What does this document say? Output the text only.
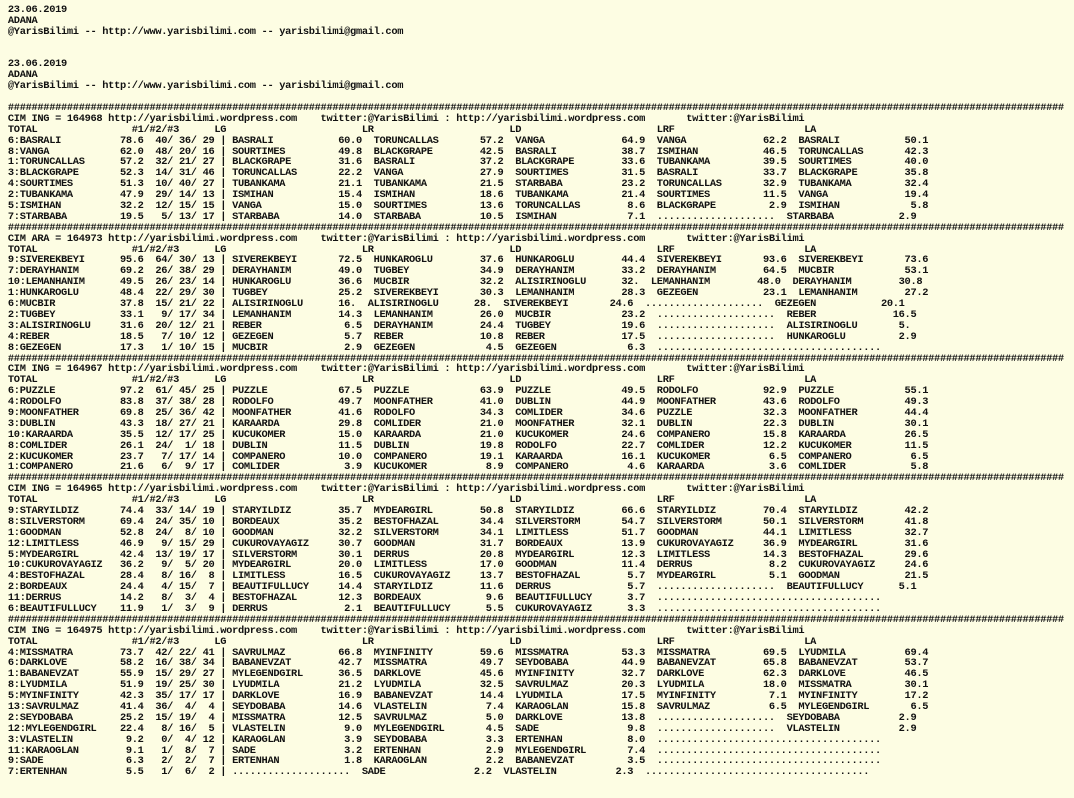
23.06.2019
ADANA
@YarisBilimi -- http://www.yarisbilimi.com -- yarisbilimi@gmail.com
23.06.2019
ADANA
@YarisBilimi -- http://www.yarisbilimi.com -- yarisbilimi@gmail.com
###################################################################################################################################################################################
CIM ING = 164968 http://yarisbilimi.wordpress.com    twitter:@YarisBilimi : http://yarisbilimi.wordpress.com       twitter:@YarisBilimi
TOTAL                #1/#2/#3      LG                       LR                       LD                       LRF                      LA
6:BASRALI          78.6  40/ 36/ 29 | BASRALI           60.0  TORUNCALLAS       57.2  VANGA             64.9  VANGA             62.2  BASRALI           50.1
8:VANGA            62.0  48/ 20/ 16 | SOURTIMES         49.8  BLACKGRAPE        42.5  BASRALI           38.7  ISMIHAN           46.5  TORUNCALLAS       42.3
1:TORUNCALLAS      57.2  32/ 21/ 27 | BLACKGRAPE        31.6  BASRALI           37.2  BLACKGRAPE        33.6  TUBANKAMA         39.5  SOURTIMES         40.0
3:BLACKGRAPE       52.3  14/ 31/ 46 | TORUNCALLAS       22.2  VANGA             27.9  SOURTIMES         31.5  BASRALI           33.7  BLACKGRAPE        35.8
4:SOURTIMES        51.3  10/ 40/ 27 | TUBANKAMA         21.1  TUBANKAMA         21.5  STARBABA          23.2  TORUNCALLAS       32.9  TUBANKAMA         32.4
2:TUBANKAMA        47.9  29/ 14/ 13 | ISMIHAN           15.4  ISMIHAN           18.6  TUBANKAMA         21.4  SOURTIMES         11.5  VANGA             19.4
5:ISMIHAN          32.2  12/ 15/ 15 | VANGA             15.0  SOURTIMES         13.6  TORUNCALLAS        8.6  BLACKGRAPE         2.9  ISMIHAN            5.8
7:STARBABA         19.5   5/ 13/ 17 | STARBABA          14.0  STARBABA          10.5  ISMIHAN            7.1  ....................  STARBABA           2.9
###################################################################################################################################################################################
CIM ARA = 164973 http://yarisbilimi.wordpress.com    twitter:@YarisBilimi : http://yarisbilimi.wordpress.com       twitter:@YarisBilimi
TOTAL                #1/#2/#3      LG                       LR                       LD                       LRF                      LA
9:SIVEREKBEYI      95.6  64/ 30/ 13 | SIVEREKBEYI       72.5  HUNKAROGLU        37.6  HUNKAROGLU        44.4  SIVEREKBEYI       93.6  SIVEREKBEYI       73.6
7:DERAYHANIM       69.2  26/ 38/ 29 | DERAYHANIM        49.0  TUGBEY            34.9  DERAYHANIM        33.2  DERAYHANIM        64.5  MUCBIR            53.1
10:LEMANHANIM      49.5  26/ 23/ 14 | HUNKAROGLU        36.6  MUCBIR            32.2  ALISIRINOGLU      32.  LEMANHANIM        48.0  DERAYHANIM        30.8
1:HUNKAROGLU       48.4  22/ 29/ 30 | TUGBEY            25.2  SIVEREKBEYI       30.3  LEMANHANIM        28.3  GEZEGEN           23.1  LEMANHANIM        27.2
6:MUCBIR           37.8  15/ 21/ 22 | ALISIRINOGLU      16.  ALISIRINOGLU      28.  SIVEREKBEYI       24.6  ....................  GEZEGEN           20.1
2:TUGBEY           33.1   9/ 17/ 34 | LEMANHANIM        14.3  LEMANHANIM        26.0  MUCBIR            23.2  ....................  REBER             16.5
3:ALISIRINOGLU     31.6  20/ 12/ 21 | REBER              6.5  DERAYHANIM        24.4  TUGBEY            19.6  ....................  ALISIRINOGLU       5.
4:REBER            18.5   7/ 10/ 12 | GEZEGEN            5.7  REBER             10.8  REBER             17.5  ....................  HUNKAROGLU         2.9
8:GEZEGEN          17.3   1/ 10/ 15 | MUCBIR             2.9  GEZEGEN            4.5  GEZEGEN            6.3  ......................................
###################################################################################################################################################################################
CIM ING = 164967 http://yarisbilimi.wordpress.com    twitter:@YarisBilimi : http://yarisbilimi.wordpress.com       twitter:@YarisBilimi
TOTAL                #1/#2/#3      LG                       LR                       LD                       LRF                      LA
6:PUZZLE           97.2  61/ 45/ 25 | PUZZLE            67.5  PUZZLE            63.9  PUZZLE            49.5  RODOLFO           92.9  PUZZLE            55.1
4:RODOLFO          83.8  37/ 38/ 28 | RODOLFO           49.7  MOONFATHER        41.0  DUBLIN            44.9  MOONFATHER        43.6  RODOLFO           49.3
9:MOONFATHER       69.8  25/ 36/ 42 | MOONFATHER        41.6  RODOLFO           34.3  COMLIDER          34.6  PUZZLE            32.3  MOONFATHER        44.4
3:DUBLIN           43.3  18/ 27/ 21 | KARAARDA          29.8  COMLIDER          21.0  MOONFATHER        32.1  DUBLIN            22.3  DUBLIN            30.1
10:KARAARDA        35.5  12/ 17/ 25 | KUCUKOMER         15.0  KARAARDA          21.0  KUCUKOMER         24.6  COMPANERO         15.8  KARAARDA          26.5
8:COMLIDER         26.1  24/  1/ 18 | DUBLIN            11.5  DUBLIN            19.8  RODOLFO           22.7  COMLIDER          12.2  KUCUKOMER         11.5
2:KUCUKOMER        23.7   7/ 17/ 14 | COMPANERO         10.0  COMPANERO         19.1  KARAARDA          16.1  KUCUKOMER          6.5  COMPANERO          6.5
1:COMPANERO        21.6   6/  9/ 17 | COMLIDER           3.9  KUCUKOMER          8.9  COMPANERO          4.6  KARAARDA           3.6  COMLIDER           5.8
###################################################################################################################################################################################
CIM ING = 164965 http://yarisbilimi.wordpress.com    twitter:@YarisBilimi : http://yarisbilimi.wordpress.com       twitter:@YarisBilimi
TOTAL                #1/#2/#3      LG                       LR                       LD                       LRF                      LA
9:STARYILDIZ       74.4  33/ 14/ 19 | STARYILDIZ        35.7  MYDEARGIRL        50.8  STARYILDIZ        66.6  STARYILDIZ        70.4  STARYILDIZ        42.2
8:SILVERSTORM      69.4  24/ 35/ 10 | BORDEAUX          35.2  BESTOFHAZAL       34.4  SILVERSTORM       54.7  SILVERSTORM       50.1  SILVERSTORM       41.8
1:GOODMAN          52.8  24/  8/ 10 | GOODMAN           32.2  SILVERSTORM       34.1  LIMITLESS         51.7  GOODMAN           44.1  LIMITLESS         32.7
12:LIMITLESS       46.9   9/ 15/ 29 | CUKUROVAYAGIZ     30.7  GOODMAN           31.7  BORDEAUX          13.9  CUKUROVAYAGIZ     36.9  MYDEARGIRL        31.6
5:MYDEARGIRL       42.4  13/ 19/ 17 | SILVERSTORM       30.1  DERRUS            20.8  MYDEARGIRL        12.3  LIMITLESS         14.3  BESTOFHAZAL       29.6
10:CUKUROVAYAGIZ   36.2   9/  5/ 20 | MYDEARGIRL        20.0  LIMITLESS         17.0  GOODMAN           11.4  DERRUS             8.2  CUKUROVAYAGIZ     24.6
4:BESTOFHAZAL      28.4   8/ 16/  8 | LIMITLESS         16.5  CUKUROVAYAGIZ     13.7  BESTOFHAZAL        5.7  MYDEARGIRL         5.1  GOODMAN           21.5
2:BORDEAUX         24.4   4/ 15/  7 | BEAUTIFULLUCY     14.4  STARYILDIZ        11.6  DERRUS             5.7  ....................  BEAUTIFULLUCY      5.1
11:DERRUS          14.2   8/  3/  4 | BESTOFHAZAL       12.3  BORDEAUX           9.6  BEAUTIFULLUCY      3.7  ......................................
6:BEAUTIFULLUCY    11.9   1/  3/  9 | DERRUS             2.1  BEAUTIFULLUCY      5.5  CUKUROVAYAGIZ      3.3  ......................................
###################################################################################################################################################################################
CIM ING = 164975 http://yarisbilimi.wordpress.com    twitter:@YarisBilimi : http://yarisbilimi.wordpress.com       twitter:@YarisBilimi
TOTAL                #1/#2/#3      LG                       LR                       LD                       LRF                      LA
4:MISSMATRA        73.7  42/ 22/ 41 | SAVRULMAZ         66.8  MYINFINITY        59.6  MISSMATRA         53.3  MISSMATRA         69.5  LYUDMILA          69.4
6:DARKLOVE         58.2  16/ 38/ 34 | BABANEVZAT        42.7  MISSMATRA         49.7  SEYDOBABA         44.9  BABANEVZAT        65.8  BABANEVZAT        53.7
1:BABANEVZAT       55.9  15/ 29/ 27 | MYLEGENDGIRL      36.5  DARKLOVE          45.6  MYINFINITY        32.7  DARKLOVE          62.3  DARKLOVE          46.5
8:LYUDMILA         51.9  19/ 25/ 30 | LYUDMILA          21.2  LYUDMILA          32.5  SAVRULMAZ         20.3  LYUDMILA          18.0  MISSMATRA         30.1
5:MYINFINITY       42.3  35/ 17/ 17 | DARKLOVE          16.9  BABANEVZAT        14.4  LYUDMILA          17.5  MYINFINITY         7.1  MYINFINITY        17.2
13:SAVRULMAZ       41.4  36/  4/  4 | SEYDOBABA         14.6  VLASTELIN          7.4  KARAOGLAN         15.8  SAVRULMAZ          6.5  MYLEGENDGIRL       6.5
2:SEYDOBABA        25.2  15/ 19/  4 | MISSMATRA         12.5  SAVRULMAZ          5.0  DARKLOVE          13.8  ....................  SEYDOBABA          2.9
12:MYLEGENDGIRL    22.4   8/ 16/  5 | VLASTELIN          9.0  MYLEGENDGIRL       4.5  SADE               9.8  ....................  VLASTELIN          2.9
3:VLASTELIN         9.2   0/  4/ 12 | KARAOGLAN          3.9  SEYDOBABA          3.3  ERTENHAN           8.0  ......................................
11:KARAOGLAN        9.1   1/  8/  7 | SADE               3.2  ERTENHAN           2.9  MYLEGENDGIRL       7.4  ......................................
9:SADE              6.3   2/  2/  7 | ERTENHAN           1.8  KARAOGLAN          2.2  BABANEVZAT         3.5  ......................................
7:ERTENHAN          5.5   1/  6/  2 | ....................  SADE               2.2  VLASTELIN          2.3  ......................................
